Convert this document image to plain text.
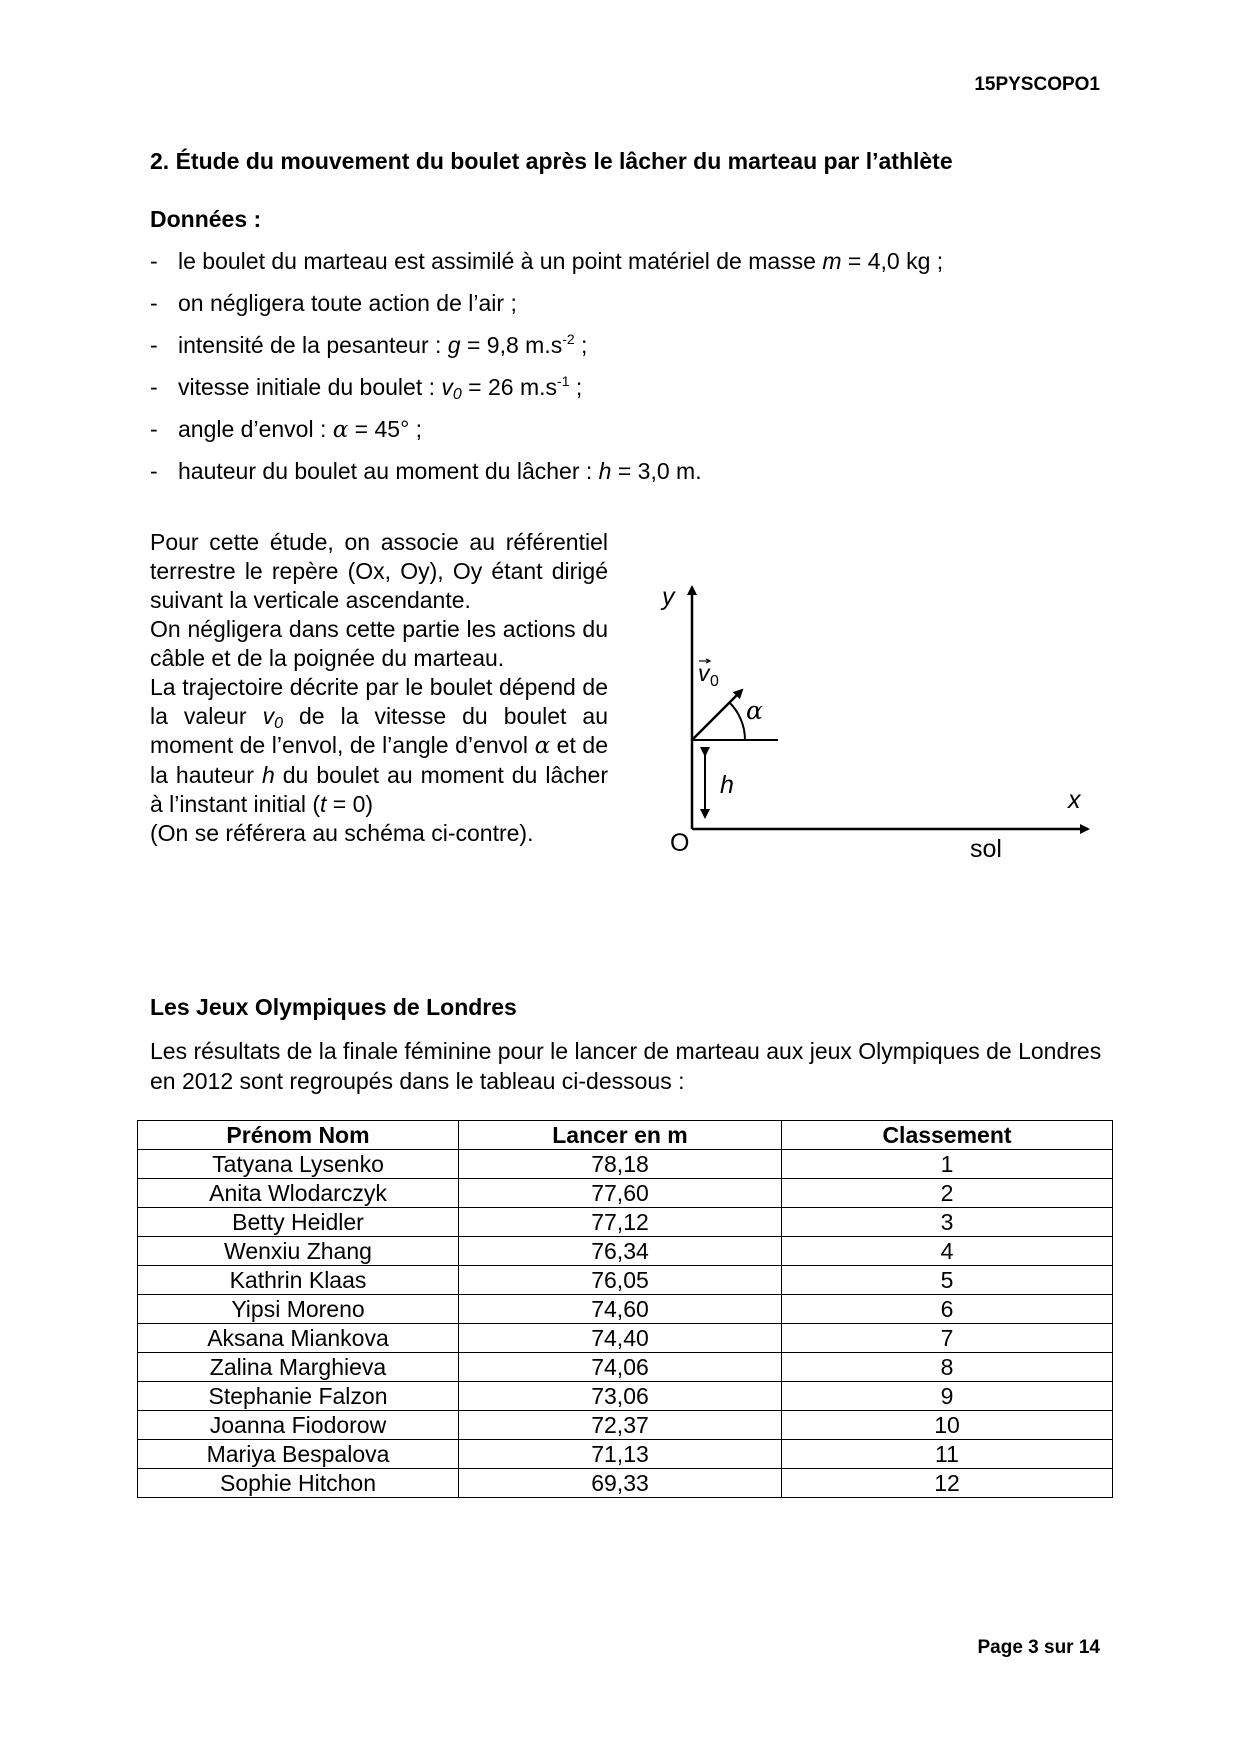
15PYSCOPO1
2. Étude du mouvement du boulet après le lâcher du marteau par l’athlète
Données :
- le boulet du marteau est assimilé à un point matériel de masse m = 4,0 kg ;
- on négligera toute action de l’air ;
- intensité de la pesanteur : g = 9,8 $m.s^{-2}$ ;
- vitesse initiale du boulet : $v_0 = 26$ $m.s^{-1}$ ;
- angle d’envol : α = 45° ;
- hauteur du boulet au moment du lâcher : h = 3,0 m.

Pour cette étude, on associe au référentiel terrestre le repère (Ox, Oy), Oy étant dirigé suivant la verticale ascendante.

On négligera dans cette partie les actions du câble et de la poignée du marteau.

La trajectoire décrite par le boulet dépend de la valeur $v_0$ de la vitesse du boulet au moment de l’envol, de l’angle d’envol α et de la hauteur h du boulet au moment du lâcher à l’instant initial (t = 0)

(On se référera au schéma ci-contre).

y
x
O	sol
h
α
v 0
Les Jeux Olympiques de Londres
Les résultats de la finale féminine pour le lancer de marteau aux jeux Olympiques de Londres en 2012 sont regroupés dans le tableau ci-dessous :
Prénom Nom	Lancer en m	Classement
Tatyana Lysenko	78,18	1
Anita Wlodarczyk	77,60	2
Betty Heidler	77,12	3
Wenxiu Zhang	76,34	4
Kathrin Klaas	76,05	5
Yipsi Moreno	74,60	6
Aksana Miankova	74,40	7
Zalina Marghieva	74,06	8
Stephanie Falzon	73,06	9
Joanna Fiodorow	72,37	10
Mariya Bespalova	71,13	11
Sophie Hitchon	69,33	12
Page 3 sur 14
